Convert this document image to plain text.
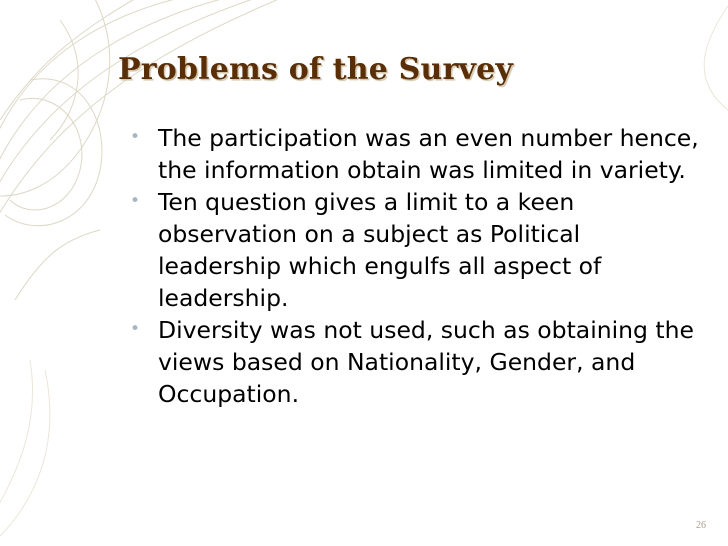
Problems of the Survey
• The participation was an even number hence, the information obtain was limited in variety.
• Ten question gives a limit to a keen observation on a subject as Political leadership which engulfs all aspect of leadership.
• Diversity was not used, such as obtaining the views based on Nationality, Gender, and Occupation.
26
